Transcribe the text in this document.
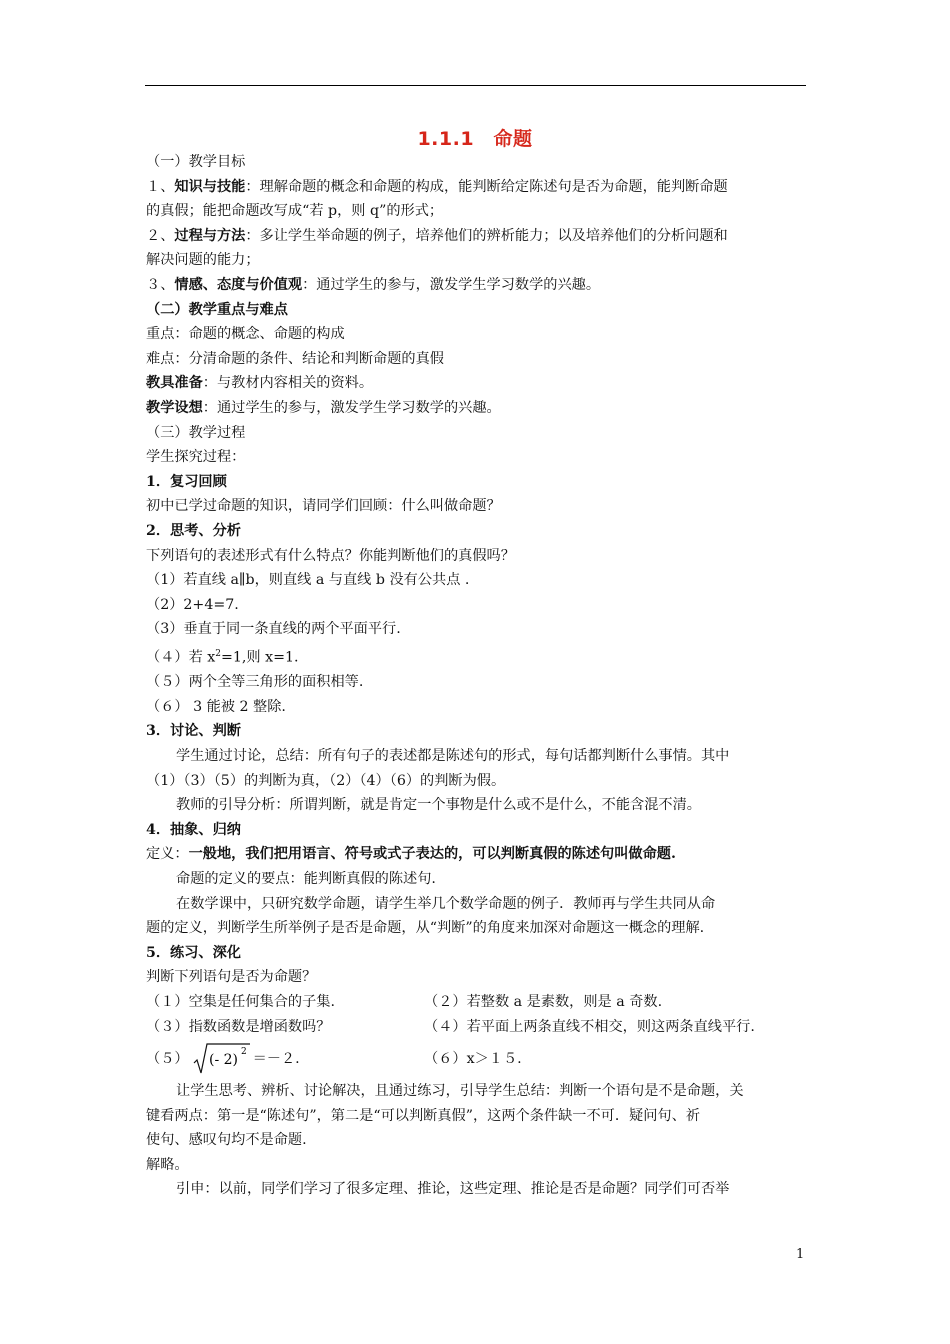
1.1.1　命题

（一）教学目标

１、知识与技能：理解命题的概念和命题的构成，能判断给定陈述句是否为命题，能判断命题

的真假；能把命题改写成“若 p，则 q”的形式；

２、过程与方法：多让学生举命题的例子，培养他们的辨析能力；以及培养他们的分析问题和

解决问题的能力；

３、情感、态度与价值观：通过学生的参与，激发学生学习数学的兴趣。

（二）教学重点与难点

重点：命题的概念、命题的构成

难点：分清命题的条件、结论和判断命题的真假

教具准备：与教材内容相关的资料。

教学设想：通过学生的参与，激发学生学习数学的兴趣。

（三）教学过程

学生探究过程：

1．复习回顾

初中已学过命题的知识，请同学们回顾：什么叫做命题？

2．思考、分析

下列语句的表述形式有什么特点？你能判断他们的真假吗？

（1）若直线 a∥b，则直线 a 与直线 b 没有公共点 .

（2）2+4=7.

（3）垂直于同一条直线的两个平面平行.

（４）若 $x^2=1$,则 x=1.

（５）两个全等三角形的面积相等.

（６） 3 能被 2 整除.

3．讨论、判断

学生通过讨论，总结：所有句子的表述都是陈述句的形式，每句话都判断什么事情。其中

（1）（3）（5）的判断为真，（2）（4）（6）的判断为假。

教师的引导分析：所谓判断，就是肯定一个事物是什么或不是什么，不能含混不清。

4．抽象、归纳

定义：一般地，我们把用语言、符号或式子表达的，可以判断真假的陈述句叫做命题.

命题的定义的要点：能判断真假的陈述句.

在数学课中，只研究数学命题，请学生举几个数学命题的例子．教师再与学生共同从命

题的定义，判断学生所举例子是否是命题，从“判断”的角度来加深对命题这一概念的理解.

5．练习、深化

判断下列语句是否为命题？

（１）空集是任何集合的子集.	（２）若整数 a 是素数，则是 a 奇数.

（３）指数函数是增函数吗？	（４）若平面上两条直线不相交，则这两条直线平行.

（５） (- 2) 2 ＝－２.	（６）x＞１５.

让学生思考、辨析、讨论解决，且通过练习，引导学生总结：判断一个语句是不是命题，关

键看两点：第一是“陈述句”，第二是“可以判断真假”，这两个条件缺一不可．疑问句、祈

使句、感叹句均不是命题.

解略。

引申：以前，同学们学习了很多定理、推论，这些定理、推论是否是命题？同学们可否举

1
